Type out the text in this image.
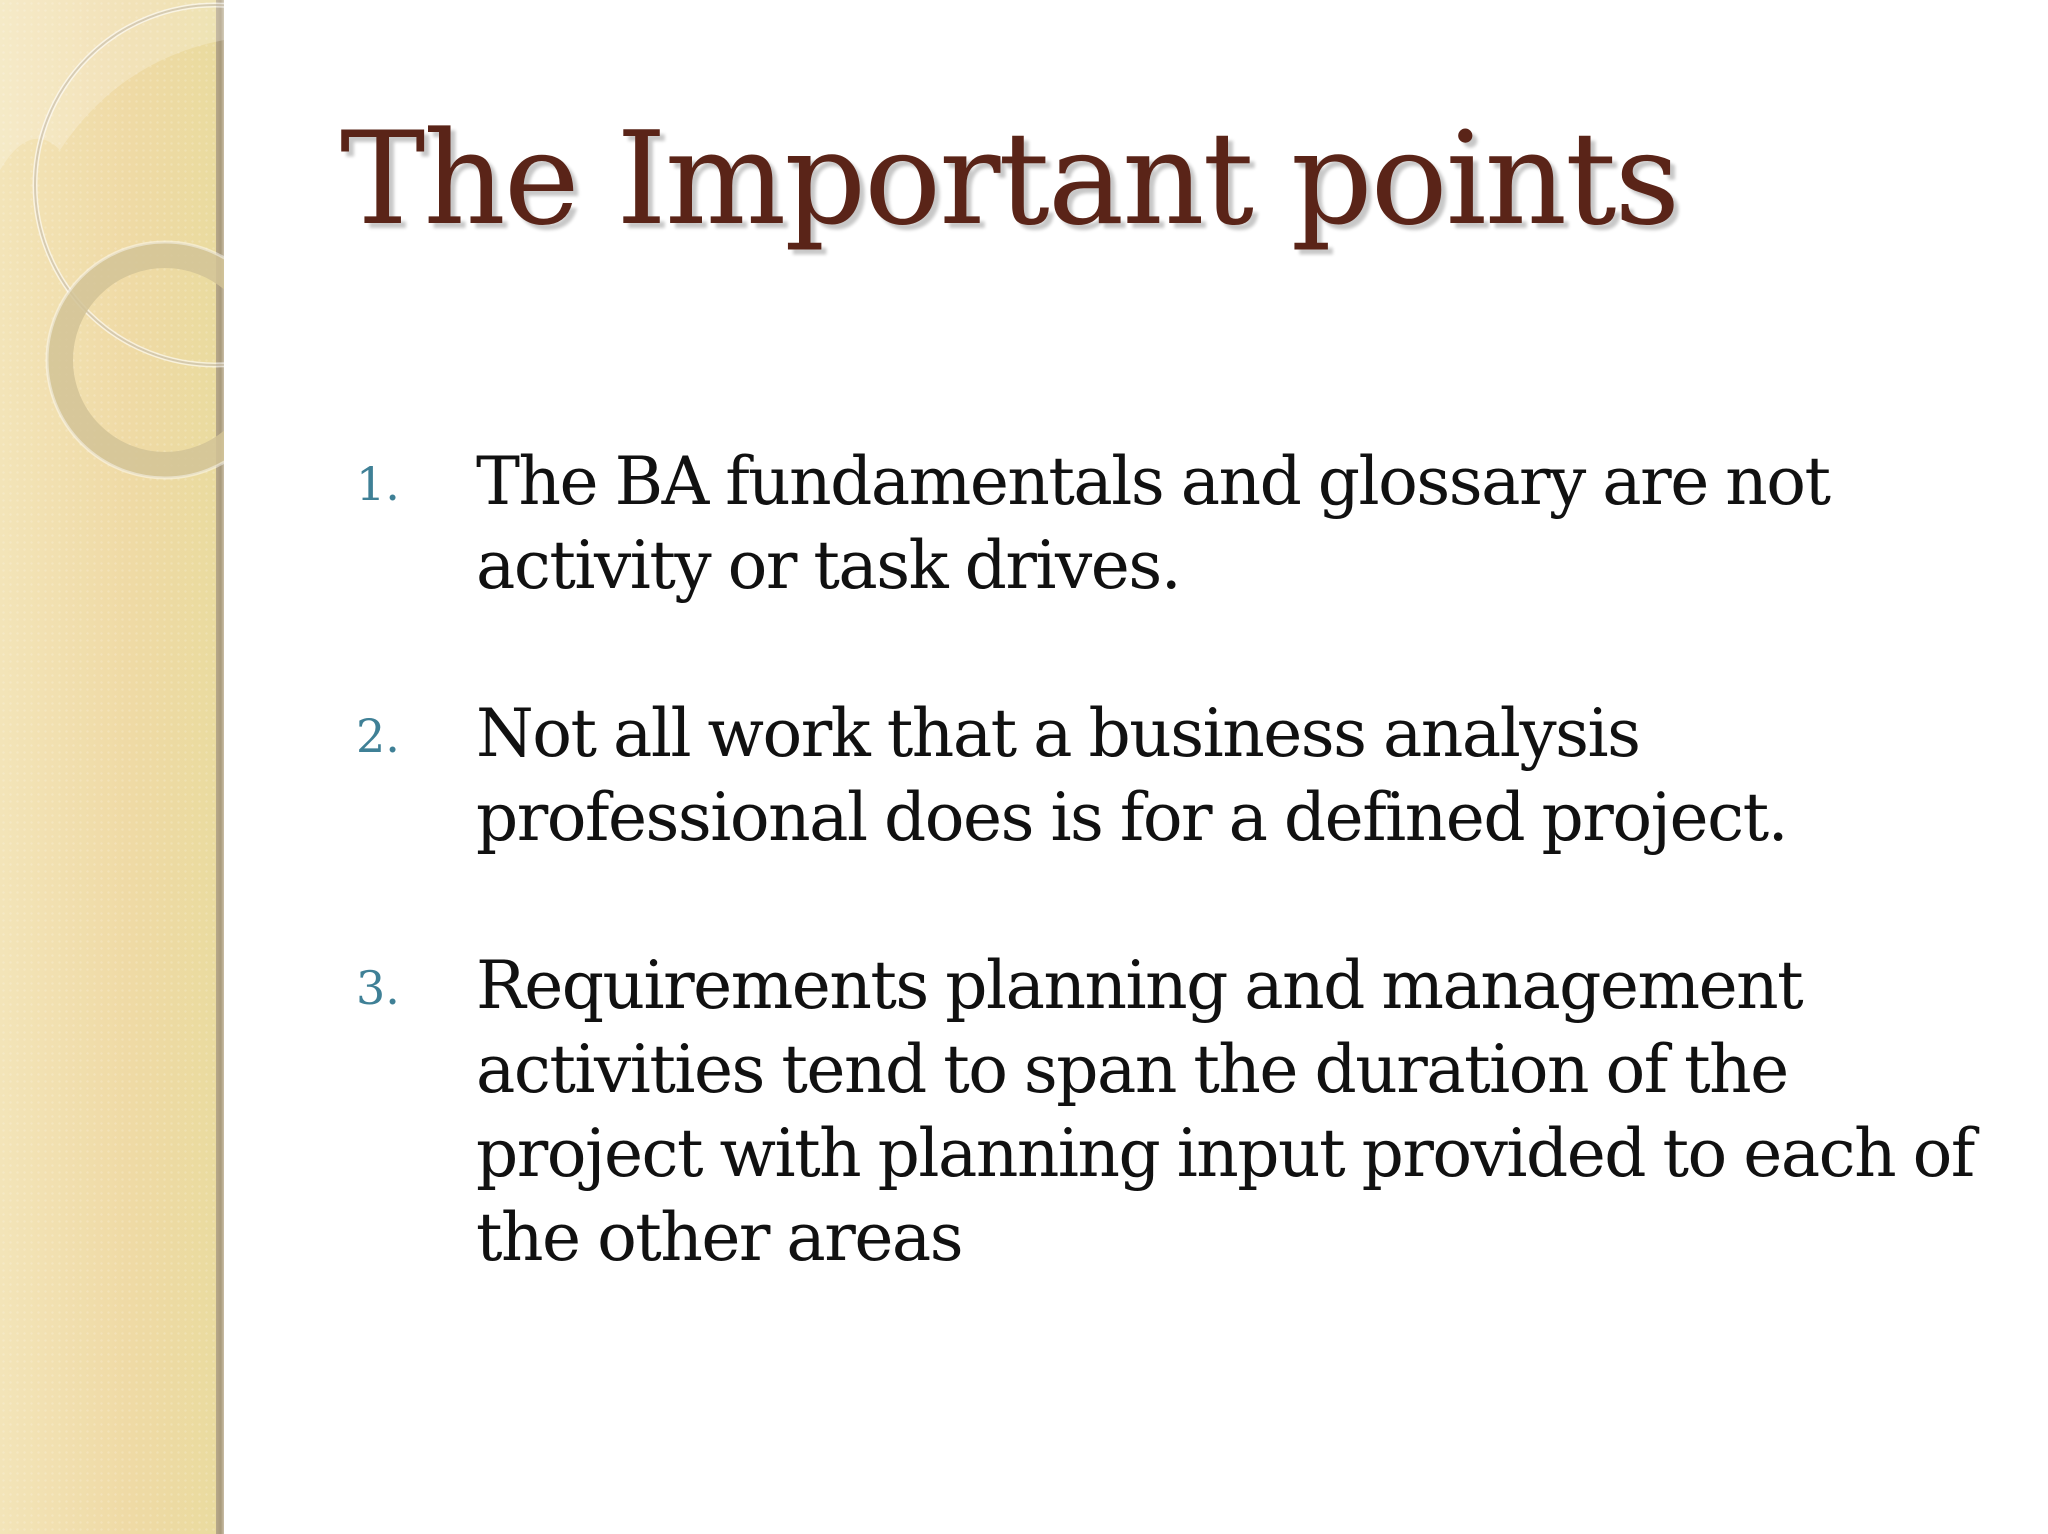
The Important points
1.	The BA fundamentals and glossary are not activity or task drives.
2.	Not all work that a business analysis professional does is for a defined project.
3.	Requirements planning and management activities tend to span the duration of the project with planning input provided to each of the other areas
